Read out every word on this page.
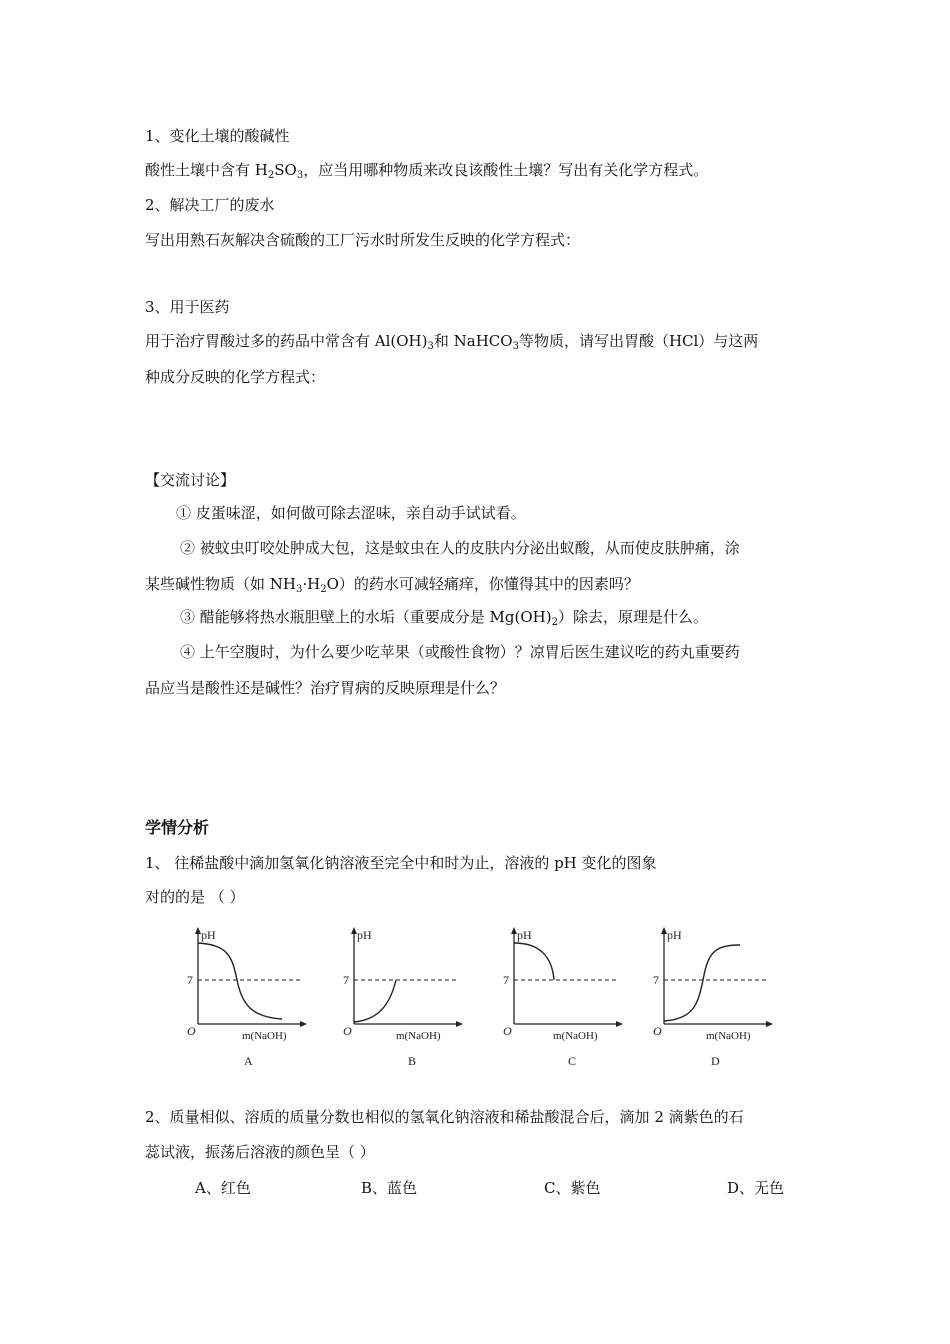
1、变化土壤的酸碱性
酸性土壤中含有 $H_2SO_3$，应当用哪种物质来改良该酸性土壤？写出有关化学方程式。
2、解决工厂的废水
写出用熟石灰解决含硫酸的工厂污水时所发生反映的化学方程式：
3、用于医药
用于治疗胃酸过多的药品中常含有 $Al(OH)_3$和 NaHCO$_3$等物质，请写出胃酸（HCl）与这两
种成分反映的化学方程式：
【交流讨论】
① 皮蛋味涩，如何做可除去涩味，亲自动手试试看。
② 被蚊虫叮咬处肿成大包，这是蚊虫在人的皮肤内分泌出蚁酸，从而使皮肤肿痛，涂
某些碱性物质（如 $NH_3\cdot H_2O$）的药水可减轻痛痒，你懂得其中的因素吗？
③ 醋能够将热水瓶胆壁上的水垢（重要成分是 $Mg(OH)_2$）除去，原理是什么。
④ 上午空腹时，为什么要少吃苹果（或酸性食物）？凉胃后医生建议吃的药丸重要药
品应当是酸性还是碱性？治疗胃病的反映原理是什么？
学情分析
1、 往稀盐酸中滴加氢氧化钠溶液至完全中和时为止，溶液的 pH 变化的图象
对的的是 （ ）
pH
7
O	m(NaOH)
A
pH
7
O	m(NaOH)
B
pH
7
O	m(NaOH)
C
pH
7
O	m(NaOH)
D
2、质量相似、溶质的质量分数也相似的氢氧化钠溶液和稀盐酸混合后，滴加 2 滴紫色的石
蕊试液，振荡后溶液的颜色呈（ ）
A、红色	B、蓝色	C、紫色	D、无色
